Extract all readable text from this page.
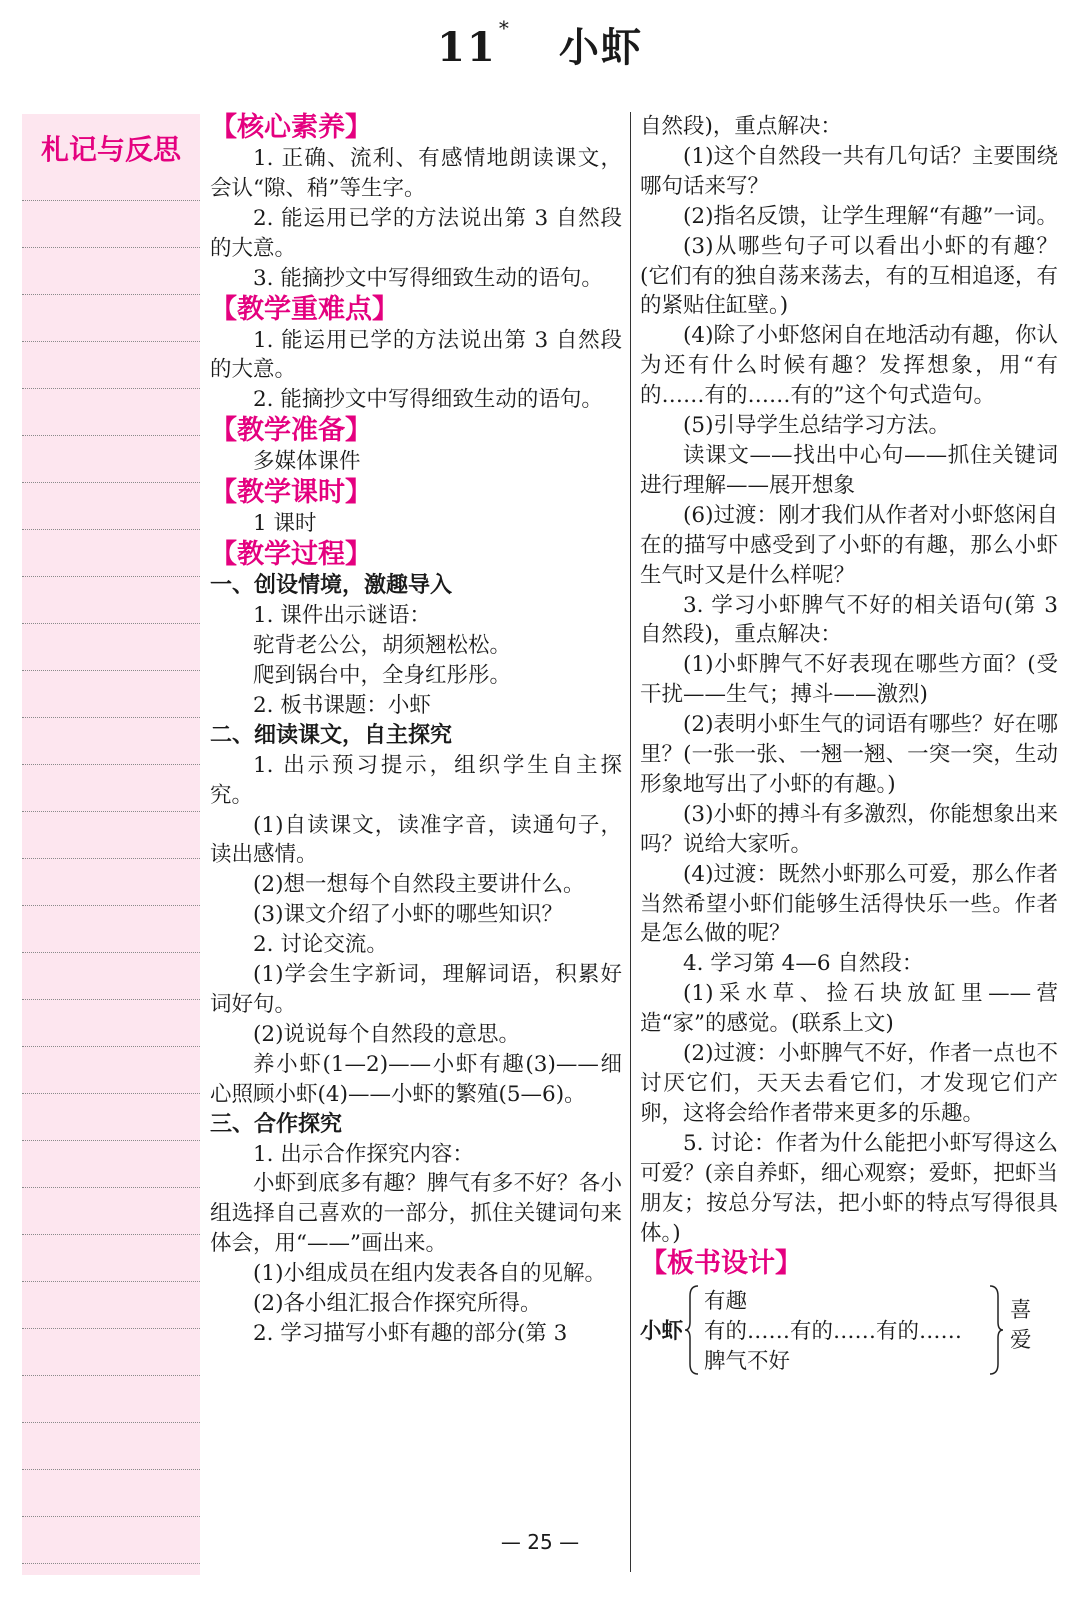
11 * 小虾
札记与反思
【核心素养】
1. 正确、流利、有感情地朗读课文，会认“隙、稍”等生字。
2. 能运用已学的方法说出第 3 自然段的大意。
3. 能摘抄文中写得细致生动的语句。
【教学重难点】
1. 能运用已学的方法说出第 3 自然段的大意。
2. 能摘抄文中写得细致生动的语句。
【教学准备】
多媒体课件
【教学课时】
1 课时
【教学过程】
一、创设情境，激趣导入
1. 课件出示谜语：
驼背老公公，胡须翘松松。
爬到锅台中，全身红彤彤。
2. 板书课题：小虾
二、细读课文，自主探究
1. 出示预习提示，组织学生自主探究。
(1)自读课文，读准字音，读通句子，读出感情。
(2)想一想每个自然段主要讲什么。
(3)课文介绍了小虾的哪些知识？
2. 讨论交流。
(1)学会生字新词，理解词语，积累好词好句。
(2)说说每个自然段的意思。
养小虾(1—2)——小虾有趣(3)——细心照顾小虾(4)——小虾的繁殖(5—6)。
三、合作探究
1. 出示合作探究内容：
小虾到底多有趣？脾气有多不好？各小组选择自己喜欢的一部分，抓住关键词句来体会，用“——”画出来。
(1)小组成员在组内发表各自的见解。
(2)各小组汇报合作探究所得。
2. 学习描写小虾有趣的部分(第 3
自然段)，重点解决：
(1)这个自然段一共有几句话？主要围绕哪句话来写？
(2)指名反馈，让学生理解“有趣”一词。
(3)从哪些句子可以看出小虾的有趣？(它们有的独自荡来荡去，有的互相追逐，有的紧贴住缸壁。)
(4)除了小虾悠闲自在地活动有趣，你认为还有什么时候有趣？发挥想象，用“有的……有的……有的”这个句式造句。
(5)引导学生总结学习方法。
读课文——找出中心句——抓住关键词进行理解——展开想象
(6)过渡：刚才我们从作者对小虾悠闲自在的描写中感受到了小虾的有趣，那么小虾生气时又是什么样呢？
3. 学习小虾脾气不好的相关语句(第 3 自然段)，重点解决：
(1)小虾脾气不好表现在哪些方面？(受干扰——生气；搏斗——激烈)
(2)表明小虾生气的词语有哪些？好在哪里？(一张一张、一翘一翘、一突一突，生动形象地写出了小虾的有趣。)
(3)小虾的搏斗有多激烈，你能想象出来吗？说给大家听。
(4)过渡：既然小虾那么可爱，那么作者当然希望小虾们能够生活得快乐一些。作者是怎么做的呢？
4. 学习第 4—6 自然段：
(1)采水草、捡石块放缸里——营造“家”的感觉。(联系上文)
(2)过渡：小虾脾气不好，作者一点也不讨厌它们，天天去看它们，才发现它们产卵，这将会给作者带来更多的乐趣。
5. 讨论：作者为什么能把小虾写得这么可爱？(亲自养虾，细心观察；爱虾，把虾当朋友；按总分写法，把小虾的特点写得很具体。)
【板书设计】
小虾
有趣
有的……有的……有的……
脾气不好
喜爱
— 25 —
